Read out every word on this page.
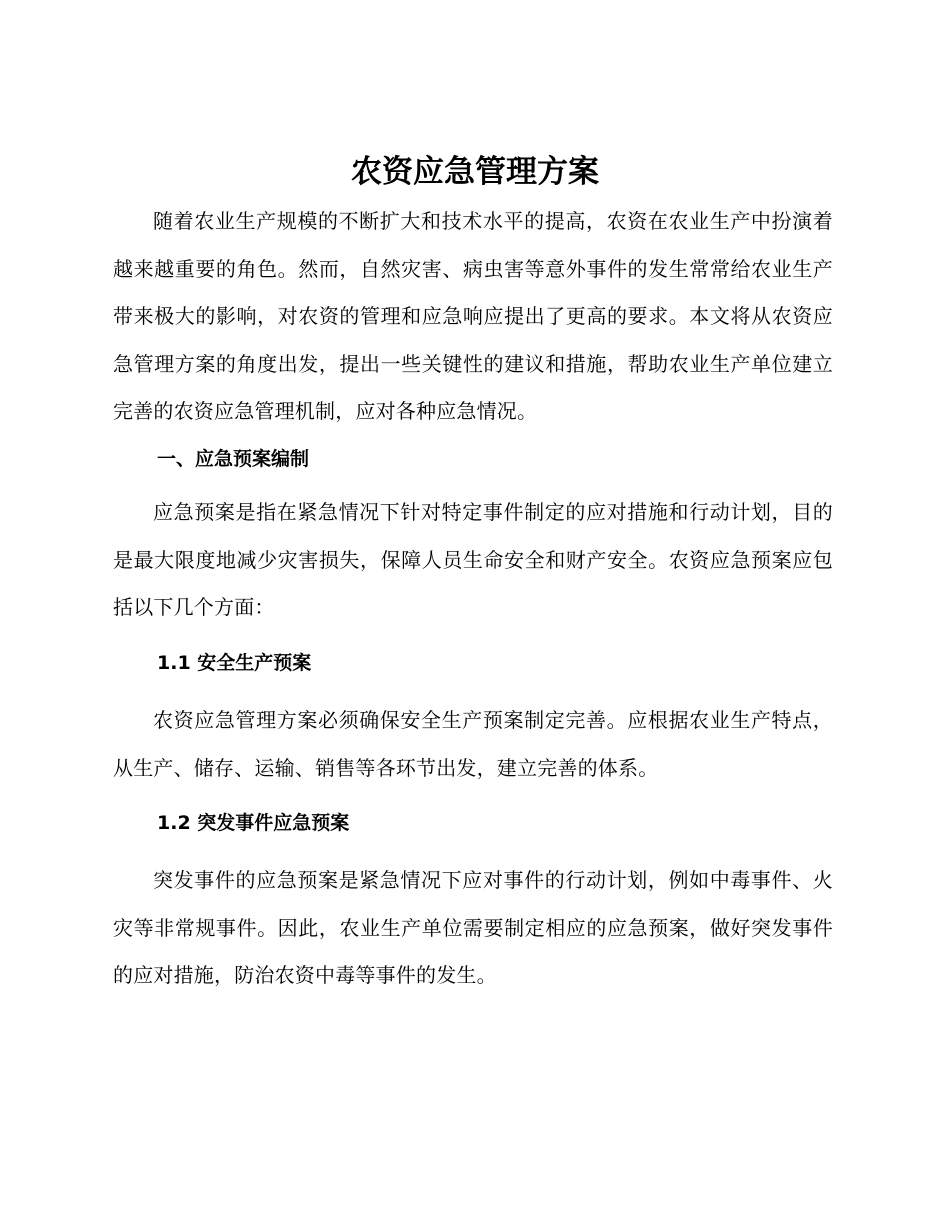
农资应急管理方案

随着农业生产规模的不断扩大和技术水平的提高，农资在农业生产中扮演着越来越重要的角色。然而，自然灾害、病虫害等意外事件的发生常常给农业生产带来极大的影响，对农资的管理和应急响应提出了更高的要求。本文将从农资应急管理方案的角度出发，提出一些关键性的建议和措施，帮助农业生产单位建立完善的农资应急管理机制，应对各种应急情况。

一、应急预案编制

应急预案是指在紧急情况下针对特定事件制定的应对措施和行动计划，目的是最大限度地减少灾害损失，保障人员生命安全和财产安全。农资应急预案应包括以下几个方面：

1.1 安全生产预案

农资应急管理方案必须确保安全生产预案制定完善。应根据农业生产特点，从生产、储存、运输、销售等各环节出发，建立完善的体系。

1.2 突发事件应急预案

突发事件的应急预案是紧急情况下应对事件的行动计划，例如中毒事件、火灾等非常规事件。因此，农业生产单位需要制定相应的应急预案，做好突发事件的应对措施，防治农资中毒等事件的发生。
